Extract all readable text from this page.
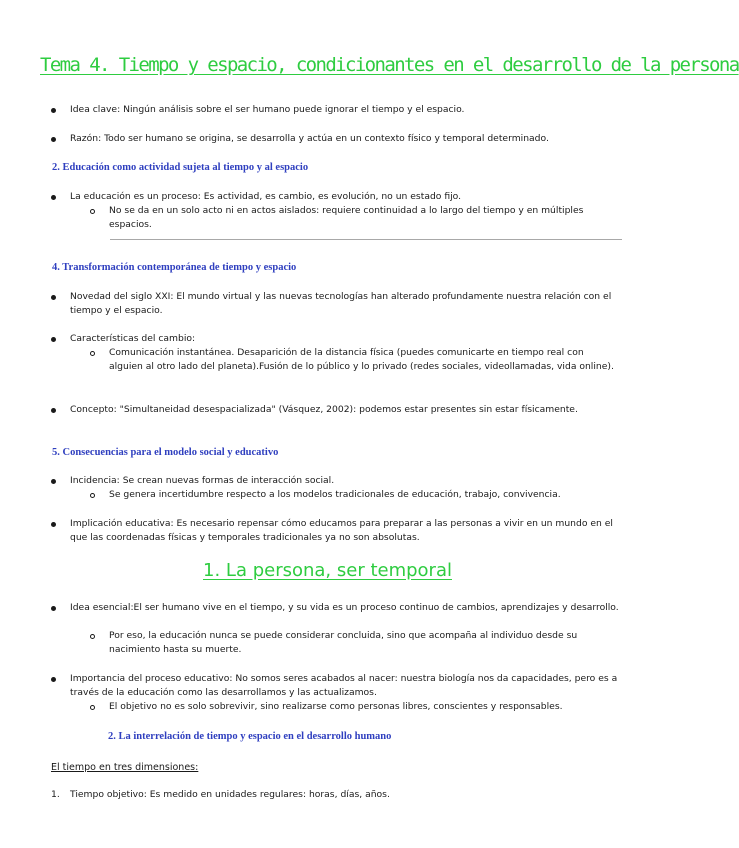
Tema 4. Tiempo y espacio, condicionantes en el desarrollo de la persona
Idea clave: Ningún análisis sobre el ser humano puede ignorar el tiempo y el espacio.
Razón: Todo ser humano se origina, se desarrolla y actúa en un contexto físico y temporal determinado.
2. Educación como actividad sujeta al tiempo y al espacio
La educación es un proceso: Es actividad, es cambio, es evolución, no un estado fijo.
No se da en un solo acto ni en actos aislados: requiere continuidad a lo largo del tiempo y en múltiples espacios.
4. Transformación contemporánea de tiempo y espacio
Novedad del siglo XXI: El mundo virtual y las nuevas tecnologías han alterado profundamente nuestra relación con el tiempo y el espacio.
Características del cambio:
Comunicación instantánea. Desaparición de la distancia física (puedes comunicarte en tiempo real con alguien al otro lado del planeta).Fusión de lo público y lo privado (redes sociales, videollamadas, vida online).
Concepto: "Simultaneidad desespacializada" (Vásquez, 2002): podemos estar presentes sin estar físicamente.
5. Consecuencias para el modelo social y educativo
Incidencia: Se crean nuevas formas de interacción social.
Se genera incertidumbre respecto a los modelos tradicionales de educación, trabajo, convivencia.
Implicación educativa: Es necesario repensar cómo educamos para preparar a las personas a vivir en un mundo en el que las coordenadas físicas y temporales tradicionales ya no son absolutas.
1. La persona, ser temporal
Idea esencial:El ser humano vive en el tiempo, y su vida es un proceso continuo de cambios, aprendizajes y desarrollo.
Por eso, la educación nunca se puede considerar concluida, sino que acompaña al individuo desde su nacimiento hasta su muerte.
Importancia del proceso educativo: No somos seres acabados al nacer: nuestra biología nos da capacidades, pero es a través de la educación como las desarrollamos y las actualizamos.
El objetivo no es solo sobrevivir, sino realizarse como personas libres, conscientes y responsables.
2. La interrelación de tiempo y espacio en el desarrollo humano
El tiempo en tres dimensiones:
1. Tiempo objetivo: Es medido en unidades regulares: horas, días, años.
